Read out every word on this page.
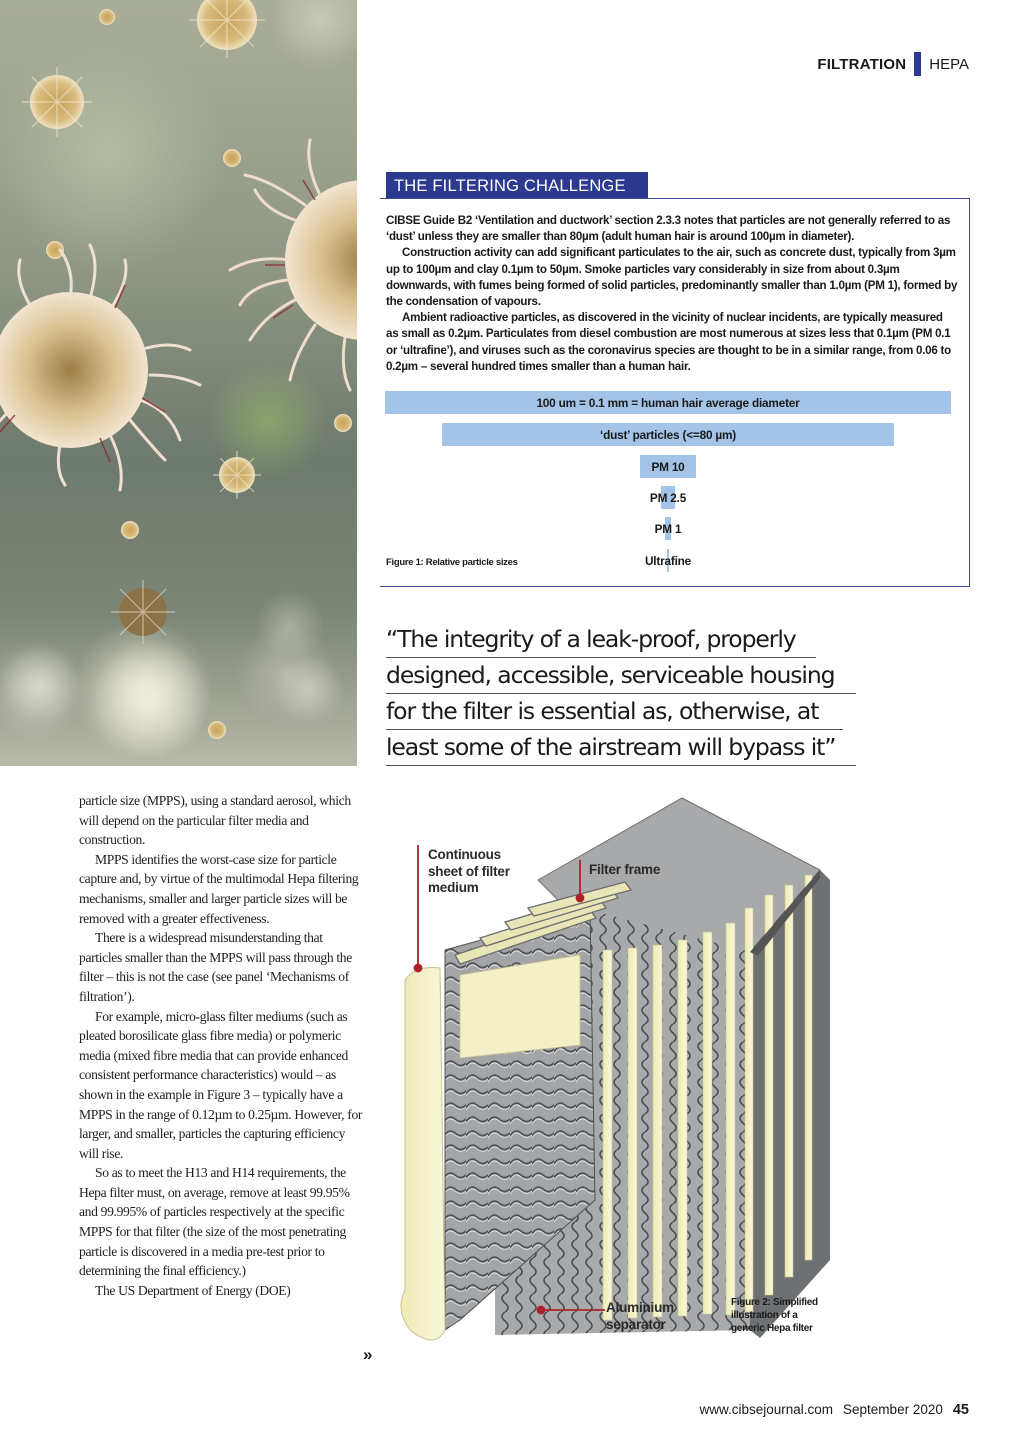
FILTRATION HEPA
THE FILTERING CHALLENGE

CIBSE Guide B2 ‘Ventilation and ductwork’ section 2.3.3 notes that particles are not generally referred to as ‘dust’ unless they are smaller than 80µm (adult human hair is around 100µm in diameter).

Construction activity can add significant particulates to the air, such as concrete dust, typically from 3µm up to 100µm and clay 0.1µm to 50µm. Smoke particles vary considerably in size from about 0.3µm downwards, with fumes being formed of solid particles, predominantly smaller than 1.0µm (PM 1), formed by the condensation of vapours.

Ambient radioactive particles, as discovered in the vicinity of nuclear incidents, are typically measured as small as 0.2µm. Particulates from diesel combustion are most numerous at sizes less that 0.1µm (PM 0.1 or ‘ultrafine’), and viruses such as the coronavirus species are thought to be in a similar range, from 0.06 to 0.2µm – several hundred times smaller than a human hair.

100 um = 0.1 mm = human hair average diameter
‘dust’ particles (<=80 µm)
PM 10
PM 2.5
PM 1
Ultrafine
Figure 1: Relative particle sizes
“The integrity of a leak-proof, properly
designed, accessible, serviceable housing
for the filter is essential as, otherwise, at
least some of the airstream will bypass it”

particle size (MPPS), using a standard aerosol, which will depend on the particular filter media and construction.

MPPS identifies the worst-case size for particle capture and, by virtue of the multimodal Hepa filtering mechanisms, smaller and larger particle sizes will be removed with a greater effectiveness.

There is a widespread misunderstanding that particles smaller than the MPPS will pass through the filter – this is not the case (see panel ‘Mechanisms of filtration’).

For example, micro-glass filter mediums (such as pleated borosilicate glass fibre media) or polymeric media (mixed fibre media that can provide enhanced consistent performance characteristics) would – as shown in the example in Figure 3 – typically have a MPPS in the range of 0.12µm to 0.25µm. However, for larger, and smaller, particles the capturing efficiency will rise.

So as to meet the H13 and H14 requirements, the Hepa filter must, on average, remove at least 99.95% and 99.995% of particles respectively at the specific MPPS for that filter (the size of the most penetrating particle is discovered in a media pre-test prior to determining the final efficiency.)

The US Department of Energy (DOE)

»
Continuous
sheet of filter
medium
Filter frame
Aluminium
separator
Figure 2: Simplified
illustration of a
generic Hepa filter
www.cibsejournal.com September 2020 45
